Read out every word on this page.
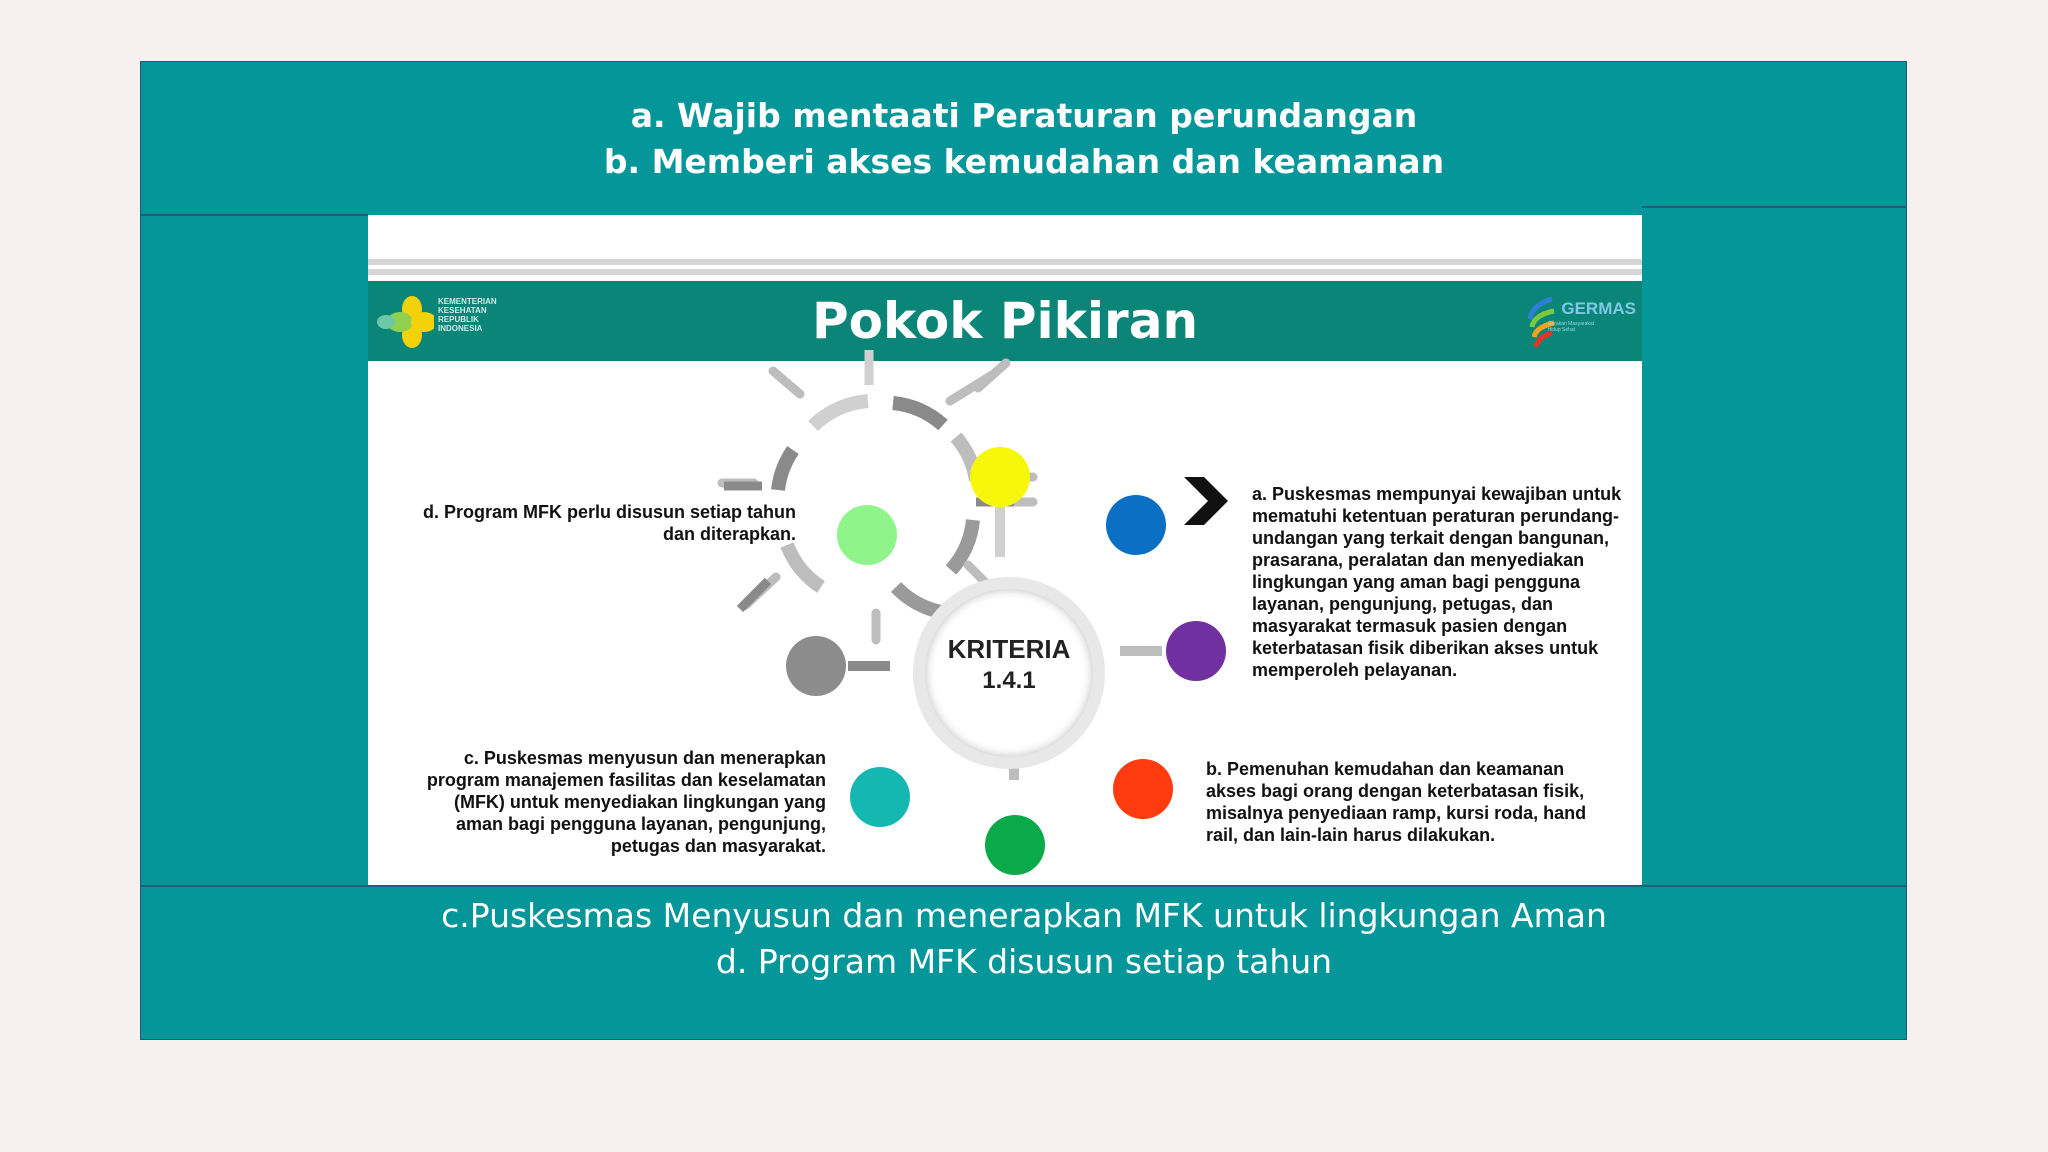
a. Wajib mentaati Peraturan perundangan
b. Memberi akses kemudahan dan keamanan
KEMENTERIAN KESEHATAN REPUBLIK INDONESIA	Pokok Pikiran	GERMAS
Gerakan Masyarakat
Hidup Sehat
KRITERIA
1.4.1
a. Puskesmas mempunyai kewajiban untuk mematuhi ketentuan peraturan perundang-undangan yang terkait dengan bangunan, prasarana, peralatan dan menyediakan lingkungan yang aman bagi pengguna layanan, pengunjung, petugas, dan masyarakat termasuk pasien dengan keterbatasan fisik diberikan akses untuk memperoleh pelayanan.
b. Pemenuhan kemudahan dan keamanan akses bagi orang dengan keterbatasan fisik, misalnya penyediaan ramp, kursi roda, hand rail, dan lain-lain harus dilakukan.
c. Puskesmas menyusun dan menerapkan program manajemen fasilitas dan keselamatan (MFK) untuk menyediakan lingkungan yang aman bagi pengguna layanan, pengunjung, petugas dan masyarakat.
d. Program MFK perlu disusun setiap tahun dan diterapkan.
c.Puskesmas Menyusun dan menerapkan MFK untuk lingkungan Aman
d. Program MFK disusun setiap tahun
